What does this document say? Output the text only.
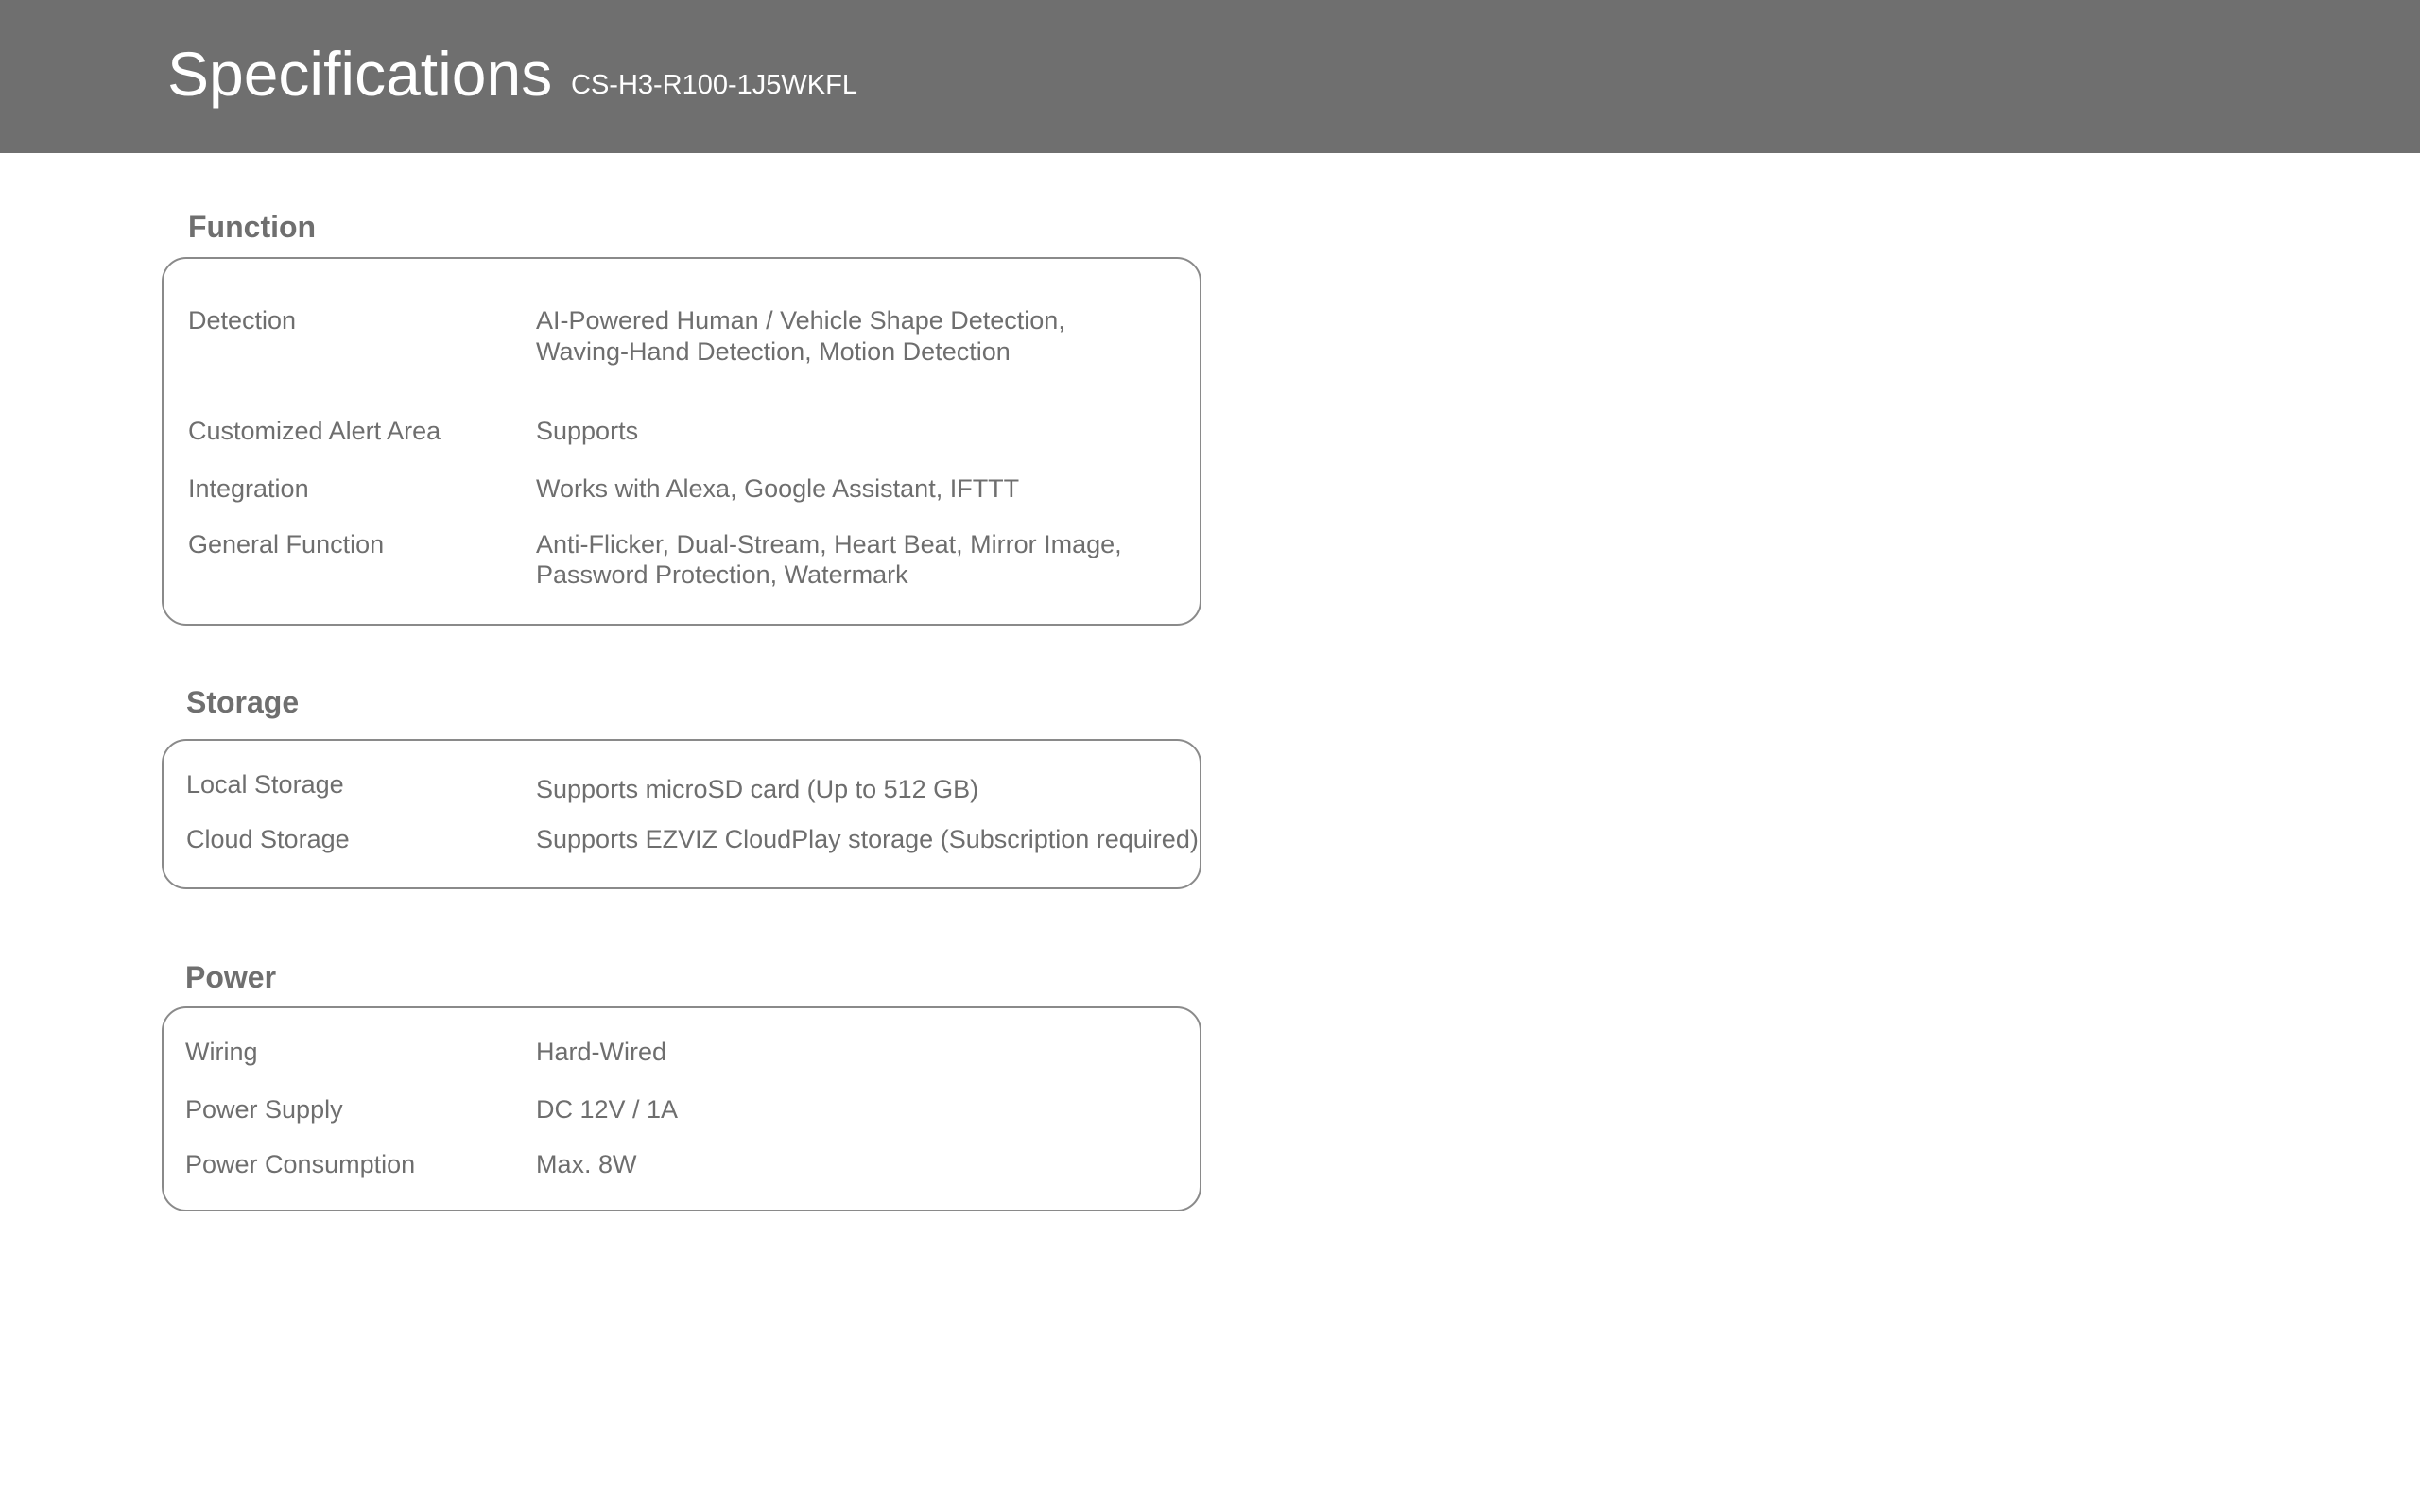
Specifications CS-H3-R100-1J5WKFL
Function
Detection	AI-Powered Human / Vehicle Shape Detection,
Waving-Hand Detection, Motion Detection
Customized Alert Area	Supports
Integration	Works with Alexa, Google Assistant, IFTTT
General Function	Anti-Flicker, Dual-Stream, Heart Beat, Mirror Image,
Password Protection, Watermark
Storage
Local Storage	Supports microSD card (Up to 512 GB)
Cloud Storage	Supports EZVIZ CloudPlay storage (Subscription required)
Power
Wiring	Hard-Wired
Power Supply	DC 12V / 1A
Power Consumption	Max. 8W
